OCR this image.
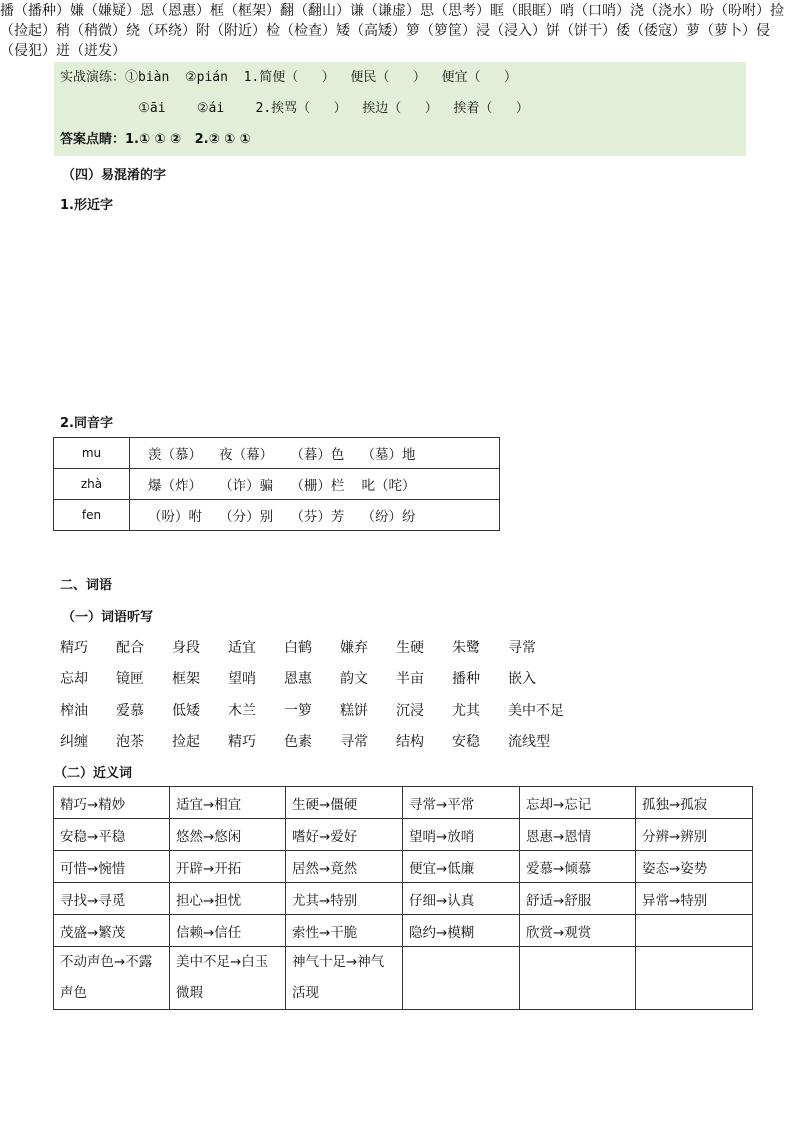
实战演练：①biàn  ②pián  1.简便（   ）  便民（   ）  便宜（   ）
①āi    ②ái    2.挨骂（   ）  挨边（   ）  挨着（   ）
答案点睛：1.① ① ②   2.② ① ①
（四）易混淆的字
1.形近字
2.同音字
mu	羡（慕）    夜（幕）    （暮）色    （墓）地
zhà	爆（炸）    （诈）骗    （栅）栏    叱（咤）
fen	（吩）咐    （分）别    （芬）芳    （纷）纷
二、词语
（一）词语听写
（二）近义词
精巧→精妙	适宜→相宜	生硬→僵硬	寻常→平常	忘却→忘记	孤独→孤寂
安稳→平稳	悠然→悠闲	嗜好→爱好	望哨→放哨	恩惠→恩情	分辨→辨别
可惜→惋惜	开辟→开拓	居然→竟然	便宜→低廉	爱慕→倾慕	姿态→姿势
寻找→寻觅	担心→担忧	尤其→特别	仔细→认真	舒适→舒服	异常→特别
茂盛→繁茂	信赖→信任	索性→干脆	隐约→模糊	欣赏→观赏	
不动声色→不露声色	美中不足→白玉微瑕	神气十足→神气活现			
播（播种）嫌（嫌疑）恩（恩惠）框（框架）翻（翻山）谦（谦虚）思（思考）眶（眼眶）哨（口哨）浇（浇水）吩（吩咐）捡（捡起）稍（稍微）绕（环绕）附（附近）检（检查）矮（高矮）箩（箩筐）浸（浸入）饼（饼干）倭（倭寇）萝（萝卜）侵（侵犯）迸（迸发）
精巧 配合 身段 适宜 白鹤 嫌弃 生硬 朱鹭 寻常
忘却 镜匣 框架 望哨 恩惠 韵文 半亩 播种 嵌入
榨油 爱慕 低矮 木兰 一箩 糕饼 沉浸 尤其 美中不足
纠缠 泡茶 捡起 精巧 色素 寻常 结构 安稳 流线型
